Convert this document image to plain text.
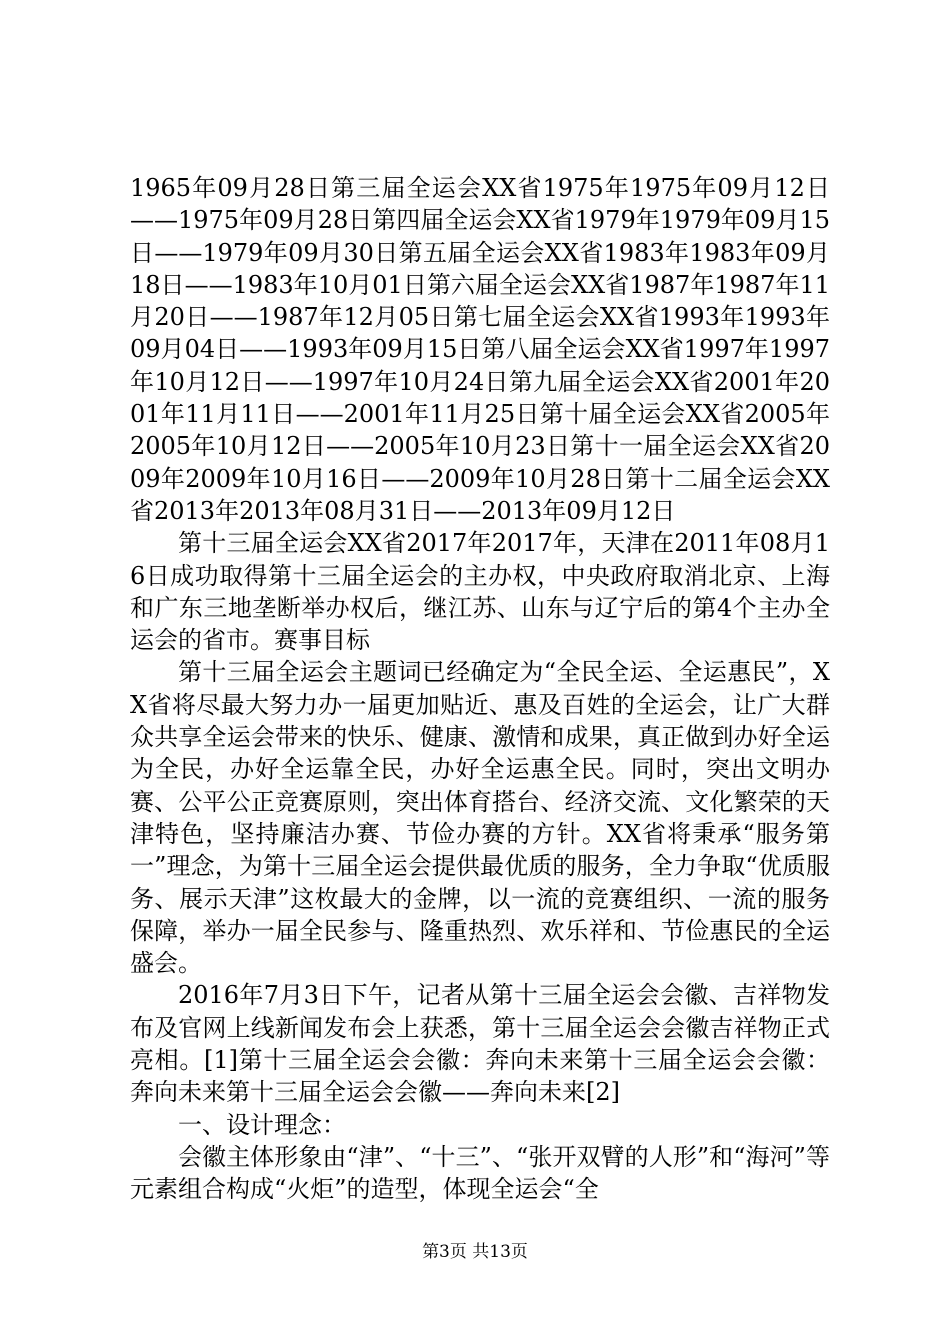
1965年09月28日第三届全运会XX省1975年1975年09月12日——1975年09月28日第四届全运会XX省1979年1979年09月15日——1979年09月30日第五届全运会XX省1983年1983年09月18日——1983年10月01日第六届全运会XX省1987年1987年11月20日——1987年12月05日第七届全运会XX省1993年1993年09月04日——1993年09月15日第八届全运会XX省1997年1997年10月12日——1997年10月24日第九届全运会XX省2001年2001年11月11日——2001年11月25日第十届全运会XX省2005年2005年10月12日——2005年10月23日第十一届全运会XX省2009年2009年10月16日——2009年10月28日第十二届全运会XX省2013年2013年08月31日——2013年09月12日

第十三届全运会XX省2017年2017年，天津在2011年08月16日成功取得第十三届全运会的主办权，中央政府取消北京、上海和广东三地垄断举办权后，继江苏、山东与辽宁后的第4个主办全运会的省市。赛事目标

第十三届全运会主题词已经确定为“全民全运、全运惠民”，XX省将尽最大努力办一届更加贴近、惠及百姓的全运会，让广大群众共享全运会带来的快乐、健康、激情和成果，真正做到办好全运为全民，办好全运靠全民，办好全运惠全民。同时，突出文明办赛、公平公正竞赛原则，突出体育搭台、经济交流、文化繁荣的天津特色，坚持廉洁办赛、节俭办赛的方针。XX省将秉承“服务第一”理念，为第十三届全运会提供最优质的服务，全力争取“优质服务、展示天津”这枚最大的金牌，以一流的竞赛组织、一流的服务保障，举办一届全民参与、隆重热烈、欢乐祥和、节俭惠民的全运盛会。

2016年7月3日下午，记者从第十三届全运会会徽、吉祥物发布及官网上线新闻发布会上获悉，第十三届全运会会徽吉祥物正式亮相。[1]第十三届全运会会徽：奔向未来第十三届全运会会徽：奔向未来第十三届全运会会徽——奔向未来[2]

一、设计理念：

会徽主体形象由“津”、“十三”、“张开双臂的人形”和“海河”等元素组合构成“火炬”的造型，体现全运会“全

第3页 共13页
